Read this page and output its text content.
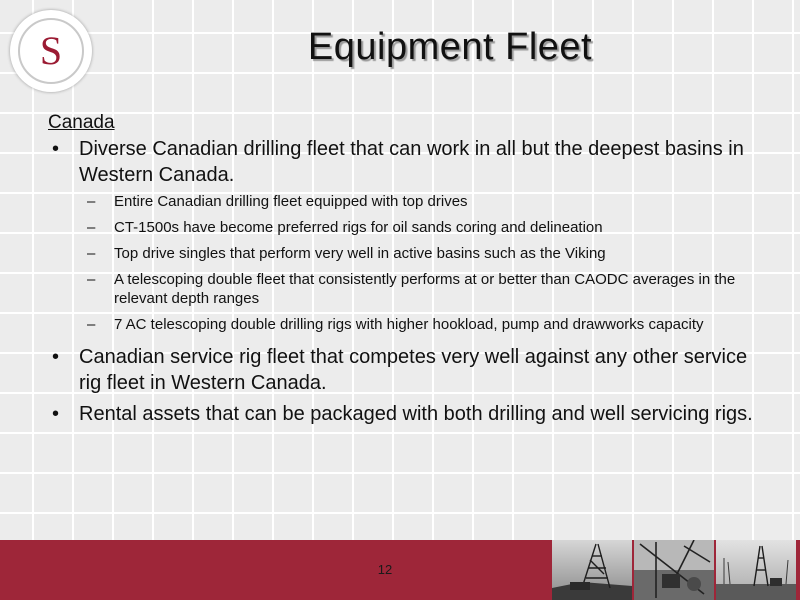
S	Equipment Fleet
Canada
• Diverse Canadian drilling fleet that can work in all but the deepest basins in Western Canada.
– Entire Canadian drilling fleet equipped with top drives
– CT-1500s have become preferred rigs for oil sands coring and delineation
– Top drive singles that perform very well in active basins such as the Viking
– A telescoping double fleet that consistently performs at or better than CAODC averages in the relevant depth ranges
– 7 AC telescoping double drilling rigs with higher hookload, pump and drawworks capacity
• Canadian service rig fleet that competes very well against any other service rig fleet in Western Canada.
• Rental assets that can be packaged with both drilling and well servicing rigs.
12
